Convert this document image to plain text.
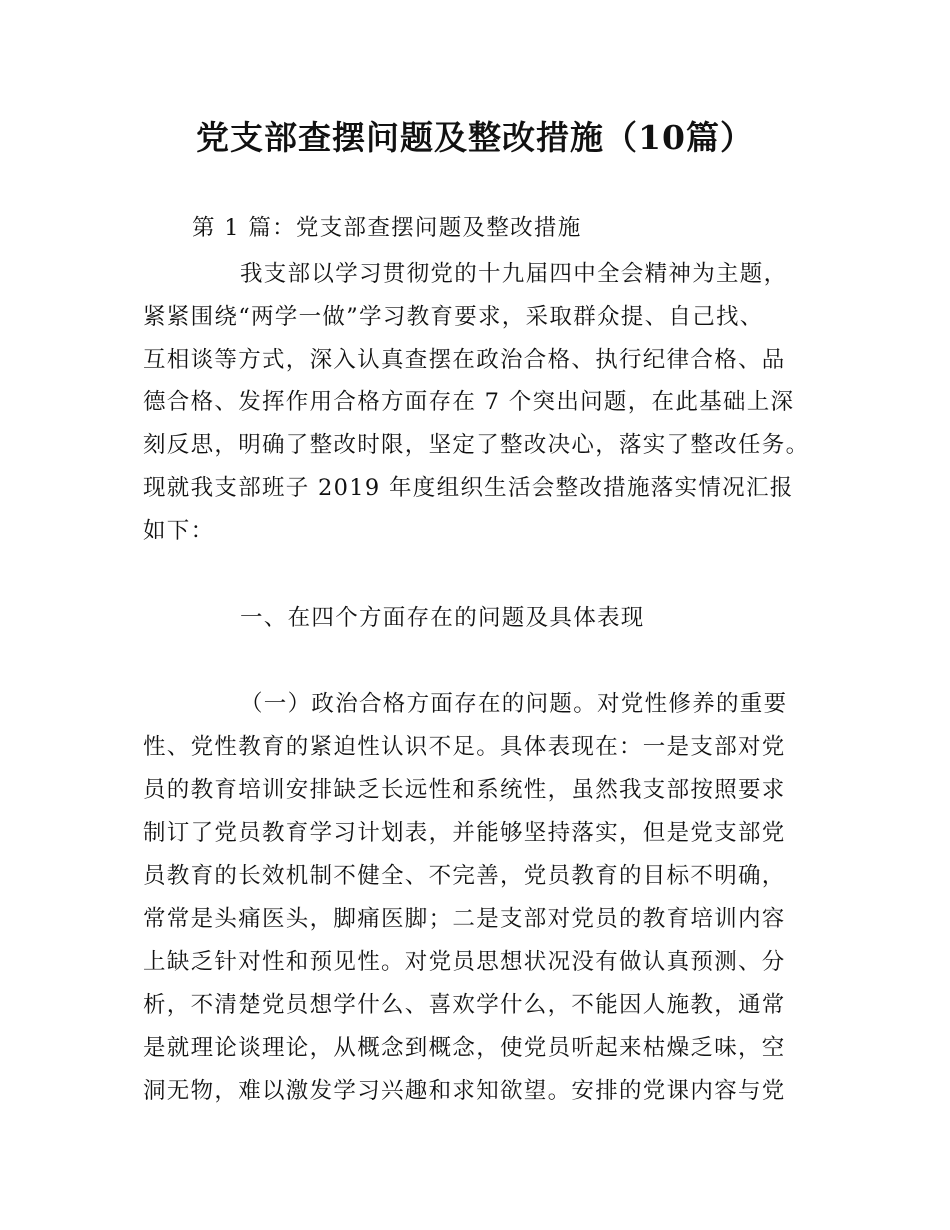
党支部查摆问题及整改措施（10篇）

第 1 篇：党支部查摆问题及整改措施

我支部以学习贯彻党的十九届四中全会精神为主题，

紧紧围绕“两学一做”学习教育要求，采取群众提、自己找、

互相谈等方式，深入认真查摆在政治合格、执行纪律合格、品

德合格、发挥作用合格方面存在 7 个突出问题，在此基础上深

刻反思，明确了整改时限，坚定了整改决心，落实了整改任务。

现就我支部班子 2019 年度组织生活会整改措施落实情况汇报

如下：

一、在四个方面存在的问题及具体表现

（一）政治合格方面存在的问题。对党性修养的重要

性、党性教育的紧迫性认识不足。具体表现在：一是支部对党

员的教育培训安排缺乏长远性和系统性，虽然我支部按照要求

制订了党员教育学习计划表，并能够坚持落实，但是党支部党

员教育的长效机制不健全、不完善，党员教育的目标不明确，

常常是头痛医头，脚痛医脚；二是支部对党员的教育培训内容

上缺乏针对性和预见性。对党员思想状况没有做认真预测、分

析，不清楚党员想学什么、喜欢学什么，不能因人施教，通常

是就理论谈理论，从概念到概念，使党员听起来枯燥乏味，空

洞无物，难以激发学习兴趣和求知欲望。安排的党课内容与党
